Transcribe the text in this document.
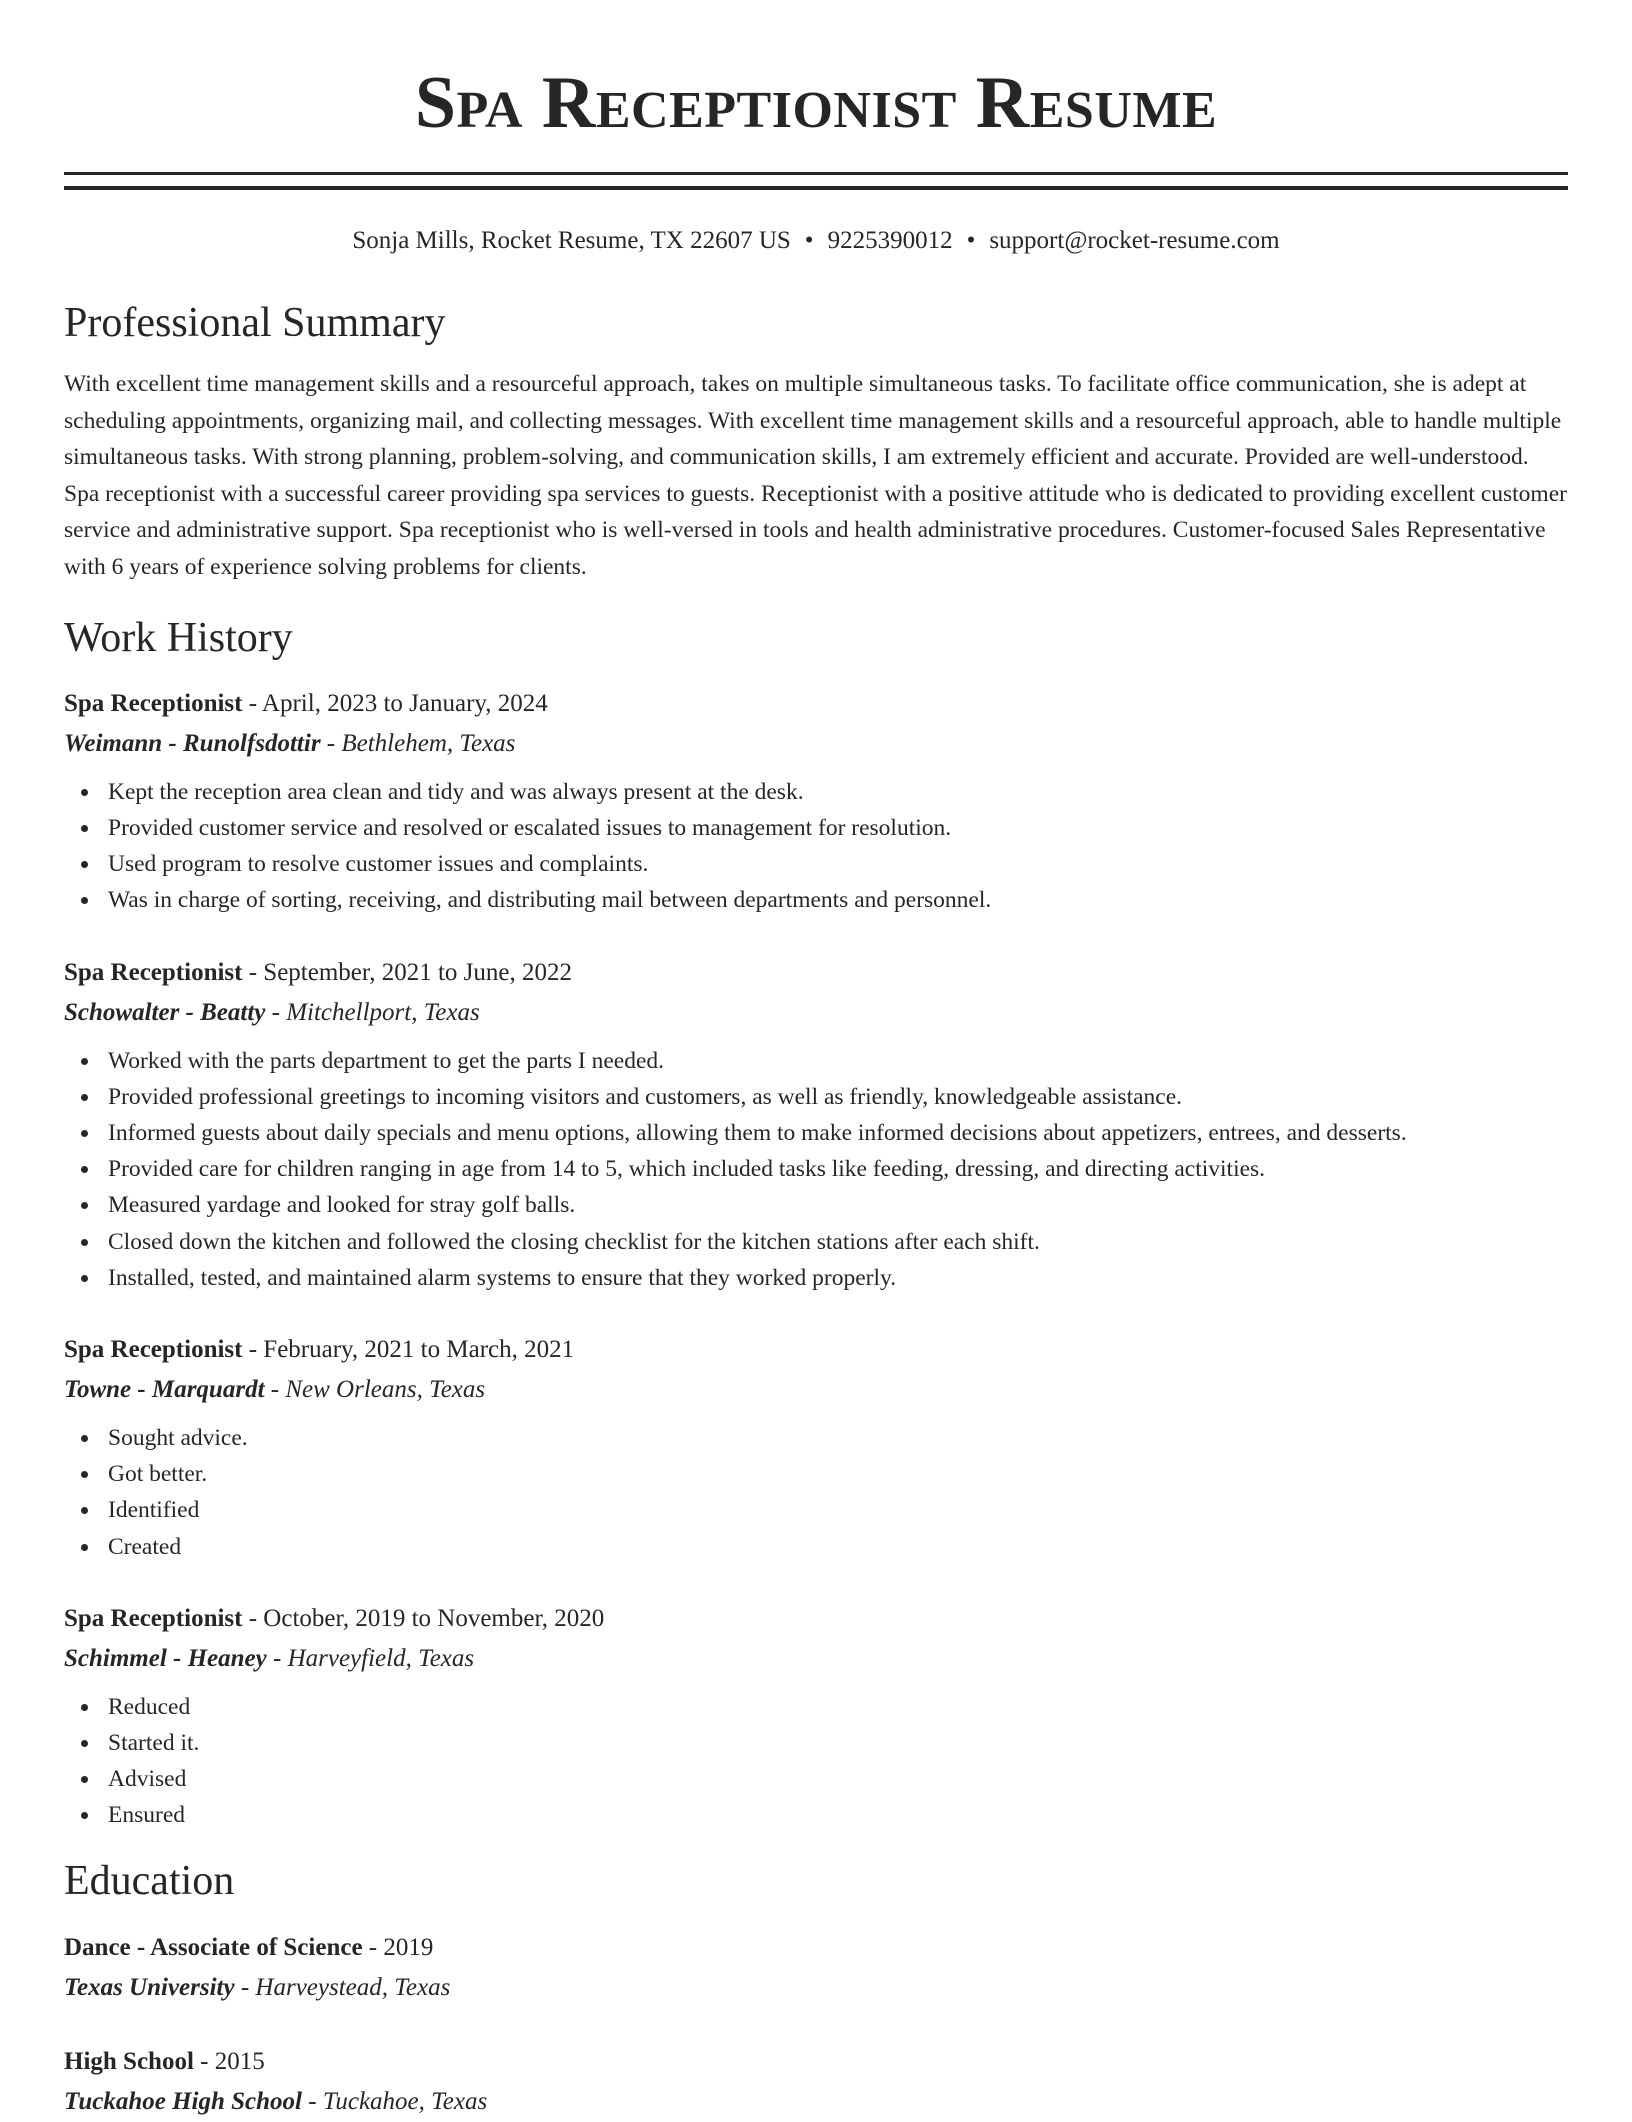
Spa Receptionist Resume
Sonja Mills, Rocket Resume, TX 22607 US • 9225390012 • support@rocket-resume.com
Professional Summary
With excellent time management skills and a resourceful approach, takes on multiple simultaneous tasks. To facilitate office communication, she is adept at scheduling appointments, organizing mail, and collecting messages. With excellent time management skills and a resourceful approach, able to handle multiple simultaneous tasks. With strong planning, problem-solving, and communication skills, I am extremely efficient and accurate. Provided are well-understood. Spa receptionist with a successful career providing spa services to guests. Receptionist with a positive attitude who is dedicated to providing excellent customer service and administrative support. Spa receptionist who is well-versed in tools and health administrative procedures. Customer-focused Sales Representative with 6 years of experience solving problems for clients.
Work History
Spa Receptionist - April, 2023 to January, 2024
Weimann - Runolfsdottir - Bethlehem, Texas
Kept the reception area clean and tidy and was always present at the desk.
Provided customer service and resolved or escalated issues to management for resolution.
Used program to resolve customer issues and complaints.
Was in charge of sorting, receiving, and distributing mail between departments and personnel.
Spa Receptionist - September, 2021 to June, 2022
Schowalter - Beatty - Mitchellport, Texas
Worked with the parts department to get the parts I needed.
Provided professional greetings to incoming visitors and customers, as well as friendly, knowledgeable assistance.
Informed guests about daily specials and menu options, allowing them to make informed decisions about appetizers, entrees, and desserts.
Provided care for children ranging in age from 14 to 5, which included tasks like feeding, dressing, and directing activities.
Measured yardage and looked for stray golf balls.
Closed down the kitchen and followed the closing checklist for the kitchen stations after each shift.
Installed, tested, and maintained alarm systems to ensure that they worked properly.
Spa Receptionist - February, 2021 to March, 2021
Towne - Marquardt - New Orleans, Texas
Sought advice.
Got better.
Identified
Created
Spa Receptionist - October, 2019 to November, 2020
Schimmel - Heaney - Harveyfield, Texas
Reduced
Started it.
Advised
Ensured
Education
Dance - Associate of Science - 2019
Texas University - Harveystead, Texas
High School - 2015
Tuckahoe High School - Tuckahoe, Texas
